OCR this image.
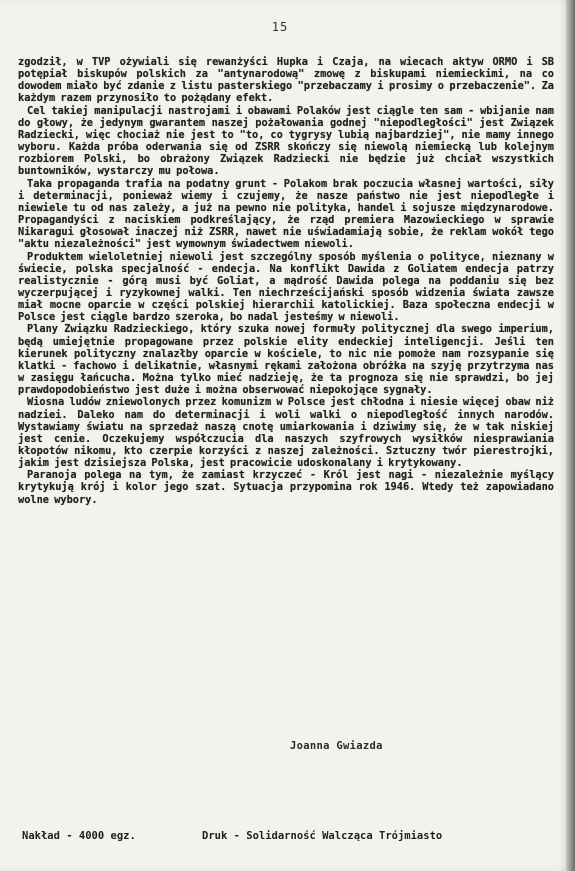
15

zgodził, w TVP ożywiali się rewanżyści Hupka i Czaja, na wiecach aktyw ORMO i SB potępiał biskupów polskich za "antynarodową" zmowę z biskupami niemieckimi, na co dowodem miało być zdanie z listu pasterskiego "przebaczamy i prosimy o przebaczenie". Za każdym razem przynosiło to pożądany efekt.

Cel takiej manipulacji nastrojami i obawami Polaków jest ciągle ten sam - wbijanie nam do głowy, że jedynym gwarantem naszej pożałowania godnej "niepodległości" jest Związek Radziecki, więc chociaż nie jest to "to, co tygrysy lubią najbardziej", nie mamy innego wyboru. Każda próba oderwania się od ZSRR skończy się niewolą niemiecką lub kolejnym rozbiorem Polski, bo obrażony Związek Radziecki nie będzie już chciał wszystkich buntowników, wystarczy mu połowa.

Taka propaganda trafia na podatny grunt - Polakom brak poczucia własnej wartości, siły i determinacji, ponieważ wiemy i czujemy, że nasze państwo nie jest niepodległe i niewiele tu od nas zależy, a już na pewno nie polityka, handel i sojusze międzynarodowe. Propagandyści z naciskiem podkreślający, że rząd premiera Mazowieckiego w sprawie Nikaragui głosował inaczej niż ZSRR, nawet nie uświadamiają sobie, że reklam wokół tego "aktu niezależności" jest wymownym świadectwem niewoli.

Produktem wieloletniej niewoli jest szczególny sposób myślenia o polityce, nieznany w świecie, polska specjalność - endecja. Na konflikt Dawida z Goliatem endecja patrzy realistycznie - górą musi być Goliat, a mądrość Dawida polega na poddaniu się bez wyczerpującej i ryzykownej walki. Ten niechrześcijański sposób widzenia świata zawsze miał mocne oparcie w części polskiej hierarchii katolickiej. Baza społeczna endecji w Polsce jest ciągle bardzo szeroka, bo nadal jesteśmy w niewoli.

Plany Związku Radzieckiego, który szuka nowej formuły politycznej dla swego imperium, będą umiejętnie propagowane przez polskie elity endeckiej inteligencji. Jeśli ten kierunek polityczny znalazłby oparcie w kościele, to nic nie pomoże nam rozsypanie się klatki - fachowo i delikatnie, własnymi rękami założona obróżka na szyję przytrzyma nas w zasięgu łańcucha. Można tylko mieć nadzieję, że ta prognoza się nie sprawdzi, bo jej prawdopodobieństwo jest duże i można obserwować niepokojące sygnały.

Wiosna ludów zniewolonych przez komunizm w Polsce jest chłodna i niesie więcej obaw niż nadziei. Daleko nam do determinacji i woli walki o niepodległość innych narodów. Wystawiamy światu na sprzedaż naszą cnotę umiarkowania i dziwimy się, że w tak niskiej jest cenie. Oczekujemy współczucia dla naszych szyfrowych wysiłków niesprawiania kłopotów nikomu, kto czerpie korzyści z naszej zależności. Sztuczny twór pierestrojki, jakim jest dzisiejsza Polska, jest pracowicie udoskonalany i krytykowany.

Paranoja polega na tym, że zamiast krzyczeć - Król jest nagi - niezależnie myślący krytykują krój i kolor jego szat. Sytuacja przypomina rok 1946. Wtedy też zapowiadano wolne wybory.

Joanna Gwiazda
Nakład - 4000 egz.	Druk - Solidarność Walcząca Trójmiasto
